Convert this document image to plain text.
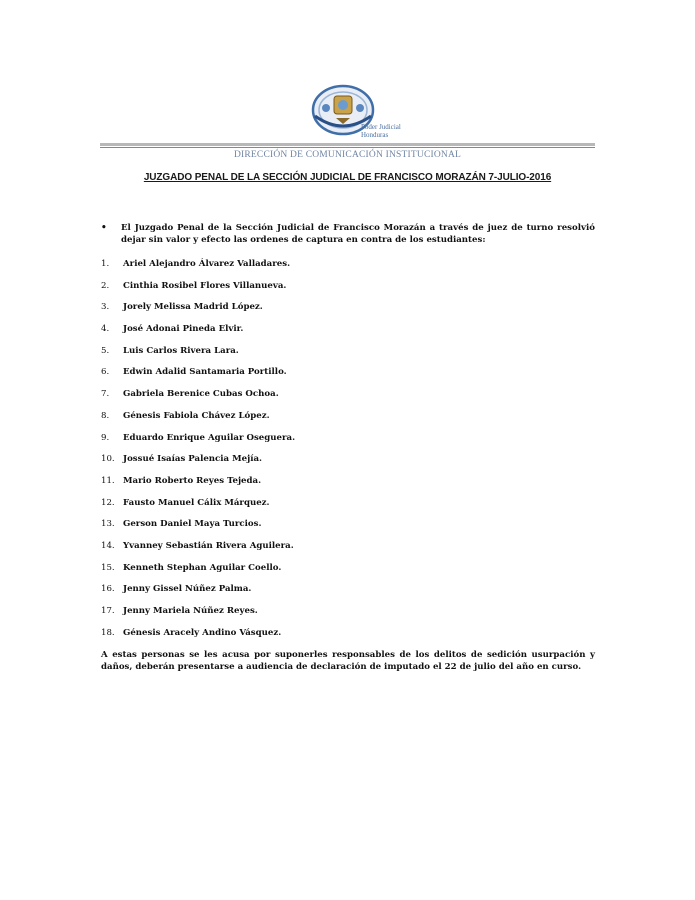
Poder Judicial Honduras
DIRECCIÓN DE COMUNICACIÓN INSTITUCIONAL
JUZGADO PENAL DE LA SECCIÓN JUDICIAL DE FRANCISCO MORAZÁN 7-JULIO-2016
• El Juzgado Penal de la Sección Judicial de Francisco Morazán a través de juez de turno resolvió dejar sin valor y efecto las ordenes de captura en contra de los estudiantes:
1. Ariel Alejandro Álvarez Valladares.
2. Cinthia Rosibel Flores Villanueva.
3. Jorely Melissa Madrid López.
4. José Adonai Pineda Elvir.
5. Luis Carlos Rivera Lara.
6. Edwin Adalid Santamaria Portillo.
7. Gabriela Berenice Cubas Ochoa.
8. Génesis Fabiola Chávez López.
9. Eduardo Enrique Aguilar Oseguera.
10. Jossué Isaías Palencia Mejía.
11. Mario Roberto Reyes Tejeda.
12. Fausto Manuel Cálix Márquez.
13. Gerson Daniel Maya Turcios.
14. Yvanney Sebastián Rivera Aguilera.
15. Kenneth Stephan Aguilar Coello.
16. Jenny Gissel Núñez Palma.
17. Jenny Mariela Núñez Reyes.
18. Génesis Aracely Andino Vásquez.
A estas personas se les acusa por suponerles responsables de los delitos de sedición usurpación y daños, deberán presentarse a audiencia de declaración de imputado el 22 de julio del año en curso.
